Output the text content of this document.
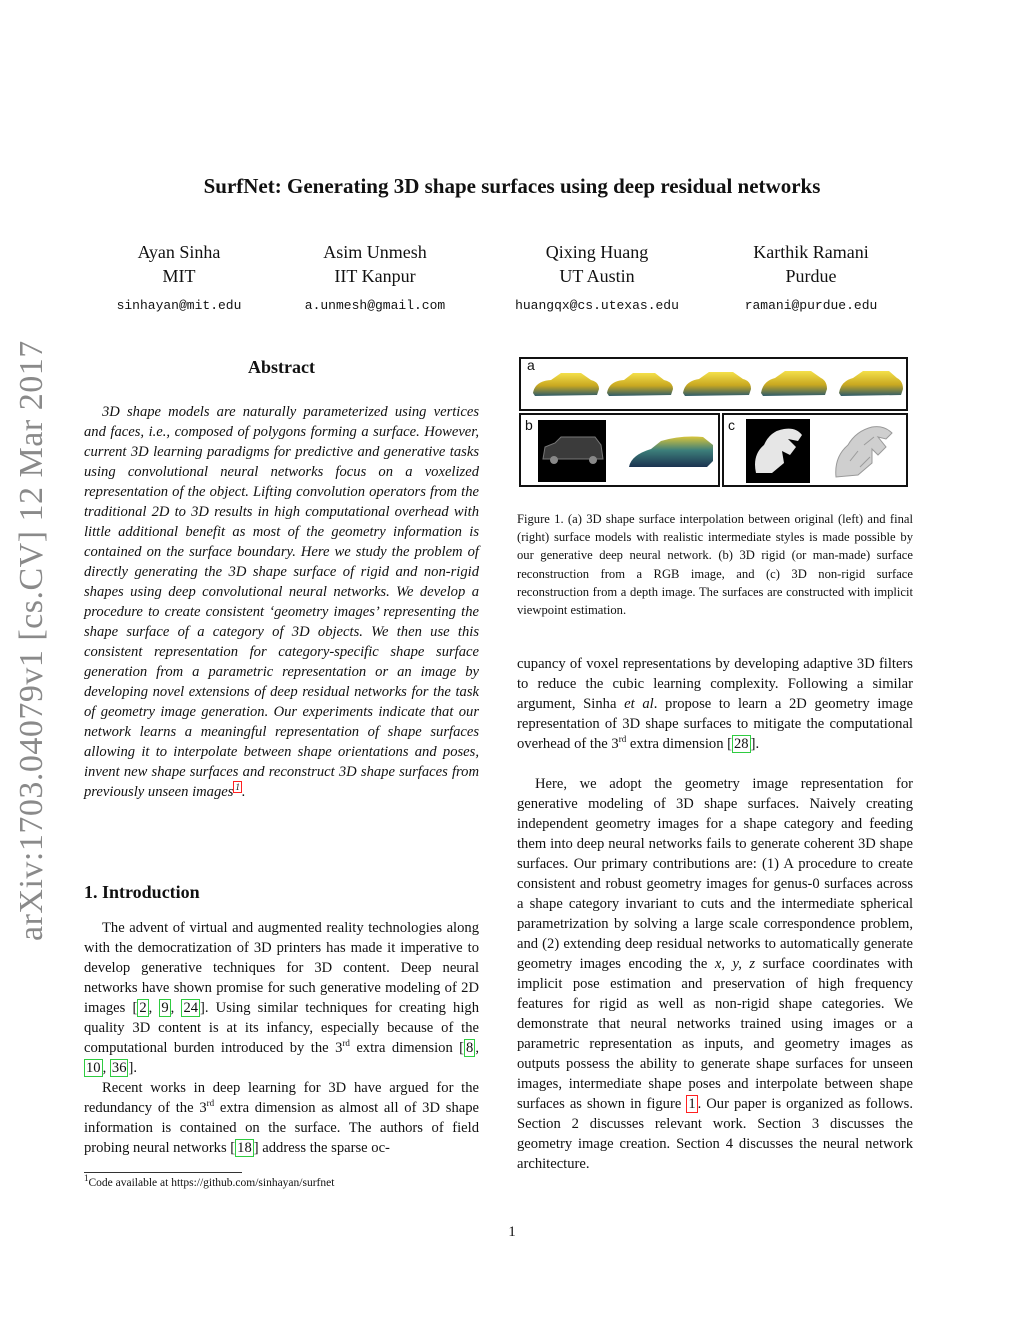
SurfNet: Generating 3D shape surfaces using deep residual networks
Ayan Sinha
MIT
sinhayan@mit.edu
Asim Unmesh
IIT Kanpur
a.unmesh@gmail.com
Qixing Huang
UT Austin
huangqx@cs.utexas.edu
Karthik Ramani
Purdue
ramani@purdue.edu
arXiv:1703.04079v1 [cs.CV] 12 Mar 2017	Abstract

3D shape models are naturally parameterized using vertices and faces, i.e., composed of polygons forming a surface. However, current 3D learning paradigms for predictive and generative tasks using convolutional neural networks focus on a voxelized representation of the object. Lifting convolution operators from the traditional 2D to 3D results in high computational overhead with little additional benefit as most of the geometry information is contained on the surface boundary. Here we study the problem of directly generating the 3D shape surface of rigid and non-rigid shapes using deep convolutional neural networks. We develop a procedure to create consistent ‘geometry images’ representing the shape surface of a category of 3D objects. We then use this consistent representation for category-specific shape surface generation from a parametric representation or an image by developing novel extensions of deep residual networks for the task of geometry image generation. Our experiments indicate that our network learns a meaningful representation of shape surfaces allowing it to interpolate between shape orientations and poses, invent new shape surfaces and reconstruct 3D shape surfaces from previously unseen images $^1$ .

1. Introduction

The advent of virtual and augmented reality technologies along with the democratization of 3D printers has made it imperative to develop generative techniques for 3D content. Deep neural networks have shown promise for such generative modeling of 2D images [ 2 , 9 , 24 ]. Using similar techniques for creating high quality 3D content is at its infancy, especially because of the computational burden introduced by the 3rd extra dimension [ 8 , 10 , 36 ].

Recent works in deep learning for 3D have argued for the redundancy of the 3rd extra dimension as almost all of 3D shape information is contained on the surface. The authors of field probing neural networks [ 18 ] address the sparse oc-

$^1$Code available at https://github.com/sinhayan/surfnet
a
b	c
Figure 1. (a) 3D shape surface interpolation between original (left) and final (right) surface models with realistic intermediate styles is made possible by our generative deep neural network. (b) 3D rigid (or man-made) surface reconstruction from a RGB image, and (c) 3D non-rigid surface reconstruction from a depth image. The surfaces are constructed with implicit viewpoint estimation.

cupancy of voxel representations by developing adaptive 3D filters to reduce the cubic learning complexity. Following a similar argument, Sinha et al. propose to learn a 2D geometry image representation of 3D shape surfaces to mitigate the computational overhead of the 3rd extra dimension [ 28 ].

Here, we adopt the geometry image representation for generative modeling of 3D shape surfaces. Naively creating independent geometry images for a shape category and feeding them into deep neural networks fails to generate coherent 3D shape surfaces. Our primary contributions are: (1) A procedure to create consistent and robust geometry images for genus-0 surfaces across a shape category invariant to cuts and the intermediate spherical parametrization by solving a large scale correspondence problem, and (2) extending deep residual networks to automatically generate geometry images encoding the x, y, z surface coordinates with implicit pose estimation and preservation of high frequency features for rigid as well as non-rigid shape categories. We demonstrate that neural networks trained using images or a parametric representation as inputs, and geometry images as outputs possess the ability to generate shape surfaces for unseen images, intermediate shape poses and interpolate between shape surfaces as shown in figure 1 . Our paper is organized as follows. Section 2 discusses relevant work. Section 3 discusses the geometry image creation. Section 4 discusses the neural network architecture.

1
